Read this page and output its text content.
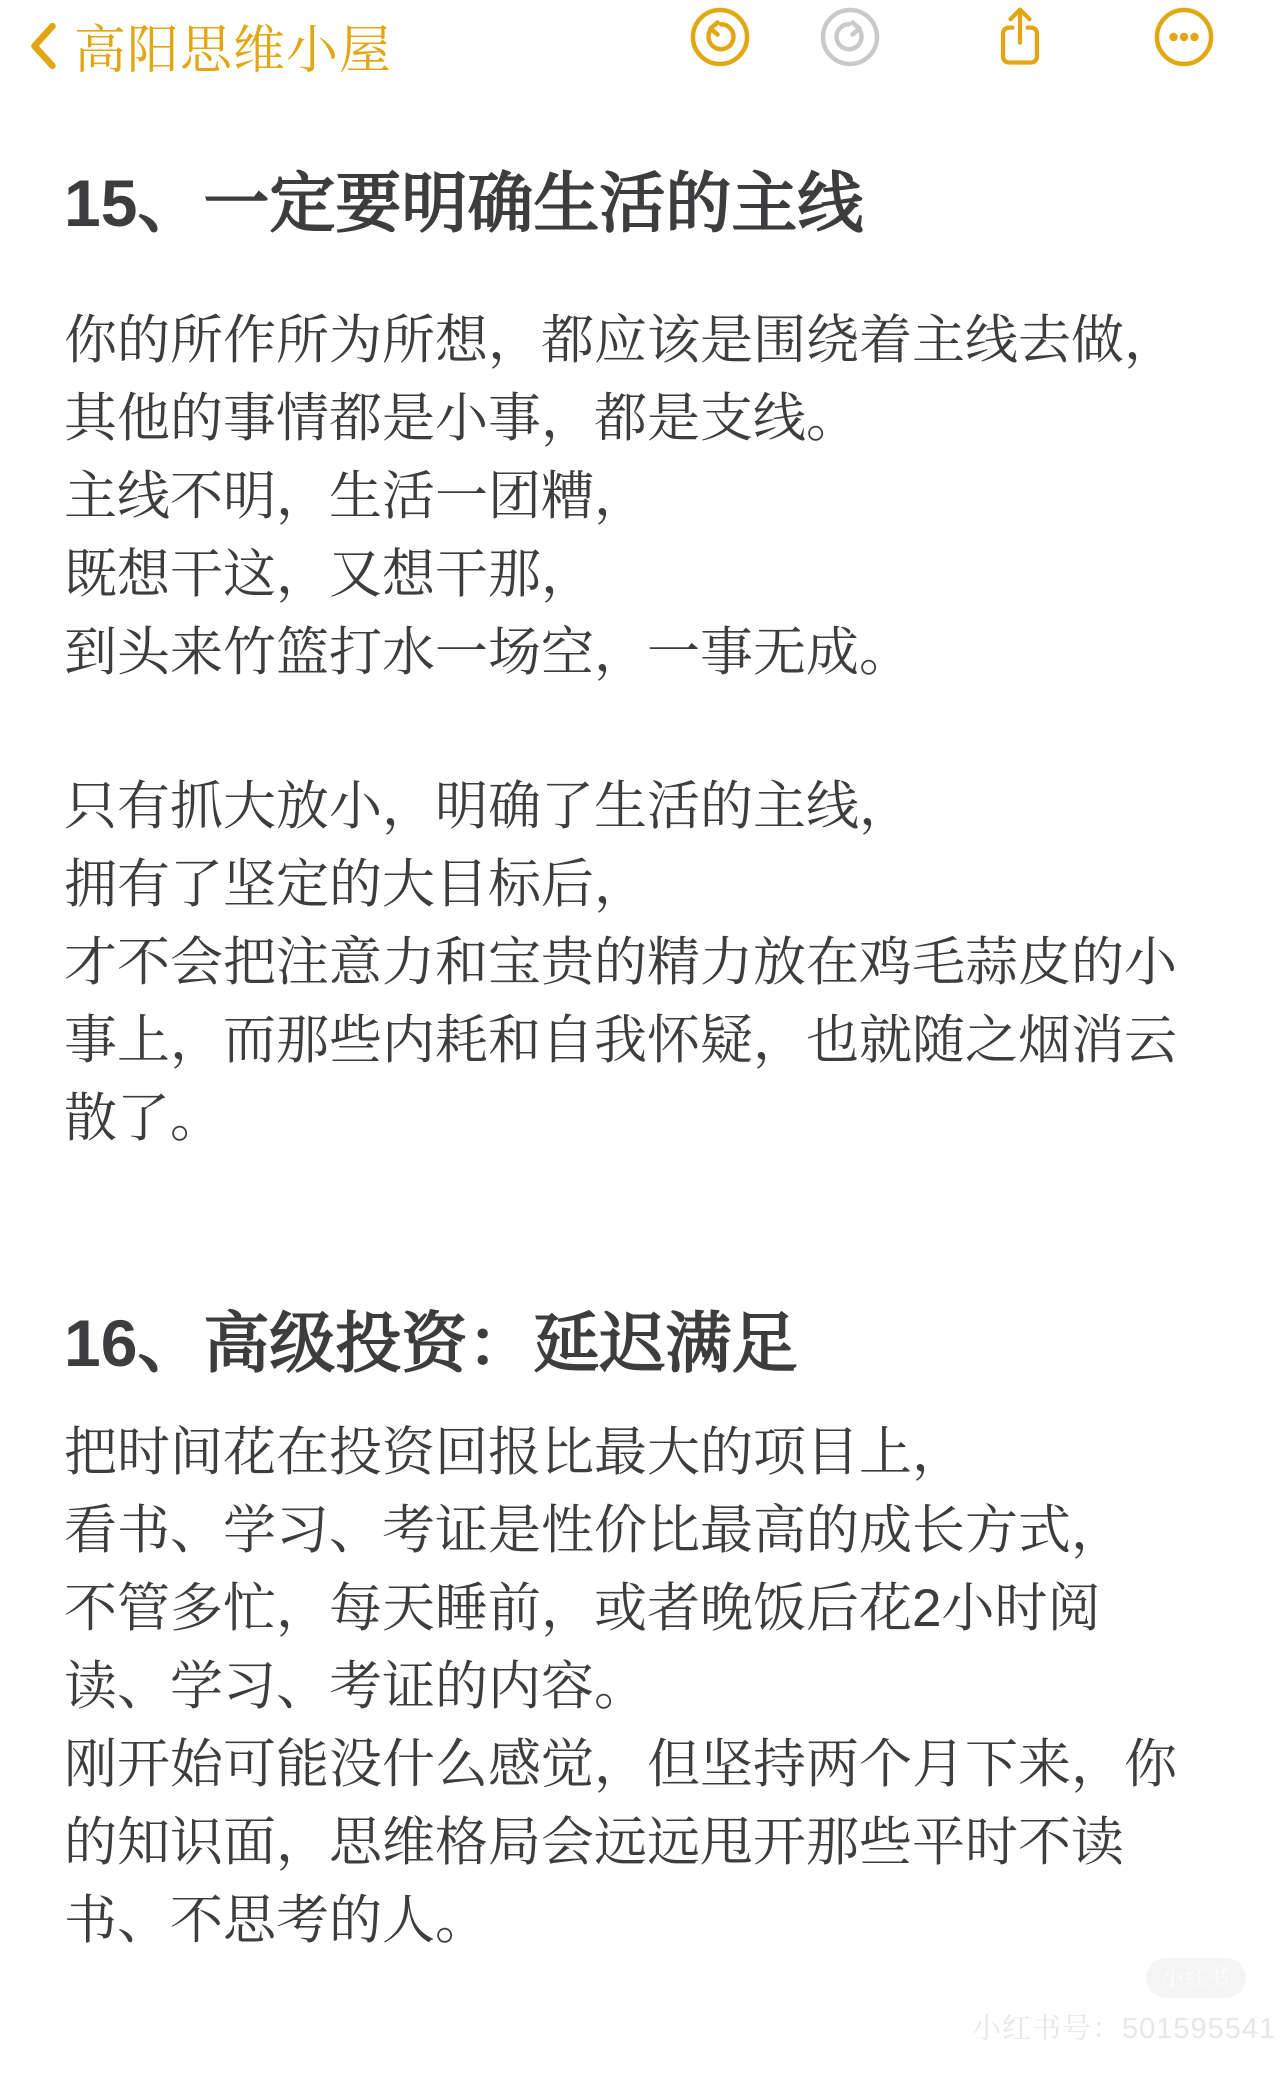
高阳思维小屋
15、一定要明确生活的主线
你的所作所为所想，都应该是围绕着主线去做，
其他的事情都是小事，都是支线。
主线不明，生活一团糟，
既想干这，又想干那，
到头来竹篮打水一场空，一事无成。
只有抓大放小，明确了生活的主线，
拥有了坚定的大目标后，
才不会把注意力和宝贵的精力放在鸡毛蒜皮的小
事上，而那些内耗和自我怀疑，也就随之烟消云
散了。
16、高级投资：延迟满足
把时间花在投资回报比最大的项目上，
看书、学习、考证是性价比最高的成长方式，
不管多忙，每天睡前，或者晚饭后花2小时阅
读、学习、考证的内容。
刚开始可能没什么感觉，但坚持两个月下来，你
的知识面，思维格局会远远甩开那些平时不读
书、不思考的人。
小红书
小红书号：501595541
